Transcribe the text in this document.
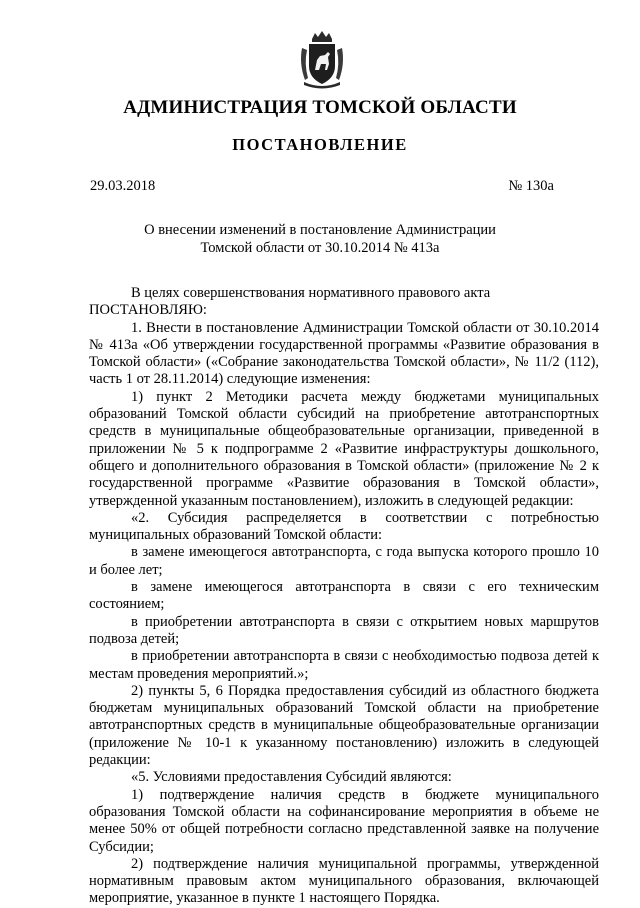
АДМИНИСТРАЦИЯ ТОМСКОЙ ОБЛАСТИ
ПОСТАНОВЛЕНИЕ
29.03.2018	№ 130а
О внесении изменений в постановление Администрации
Томской области от 30.10.2014 № 413а

В целях совершенствования нормативного правового акта

ПОСТАНОВЛЯЮ:

1. Внести в постановление Администрации Томской области от 30.10.2014 № 413а «Об утверждении государственной программы «Развитие образования в Томской области» («Собрание законодательства Томской области», № 11/2 (112), часть 1 от 28.11.2014) следующие изменения:

1) пункт 2 Методики расчета между бюджетами муниципальных образований Томской области субсидий на приобретение автотранспортных средств в муниципальные общеобразовательные организации, приведенной в приложении № 5 к подпрограмме 2 «Развитие инфраструктуры дошкольного, общего и дополнительного образования в Томской области» (приложение № 2 к государственной программе «Развитие образования в Томской области», утвержденной указанным постановлением), изложить в следующей редакции:

«2. Субсидия распределяется в соответствии с потребностью муниципальных образований Томской области:

в замене имеющегося автотранспорта, с года выпуска которого прошло 10 и более лет;

в замене имеющегося автотранспорта в связи с его техническим состоянием;

в приобретении автотранспорта в связи с открытием новых маршрутов подвоза детей;

в приобретении автотранспорта в связи с необходимостью подвоза детей к местам проведения мероприятий.»;

2) пункты 5, 6 Порядка предоставления субсидий из областного бюджета бюджетам муниципальных образований Томской области на приобретение автотранспортных средств в муниципальные общеобразовательные организации (приложение № 10-1 к указанному постановлению) изложить в следующей редакции:

«5. Условиями предоставления Субсидий являются:

1) подтверждение наличия средств в бюджете муниципального образования Томской области на софинансирование мероприятия в объеме не менее 50% от общей потребности согласно представленной заявке на получение Субсидии;

2) подтверждение наличия муниципальной программы, утвержденной нормативным правовым актом муниципального образования, включающей мероприятие, указанное в пункте 1 настоящего Порядка.
